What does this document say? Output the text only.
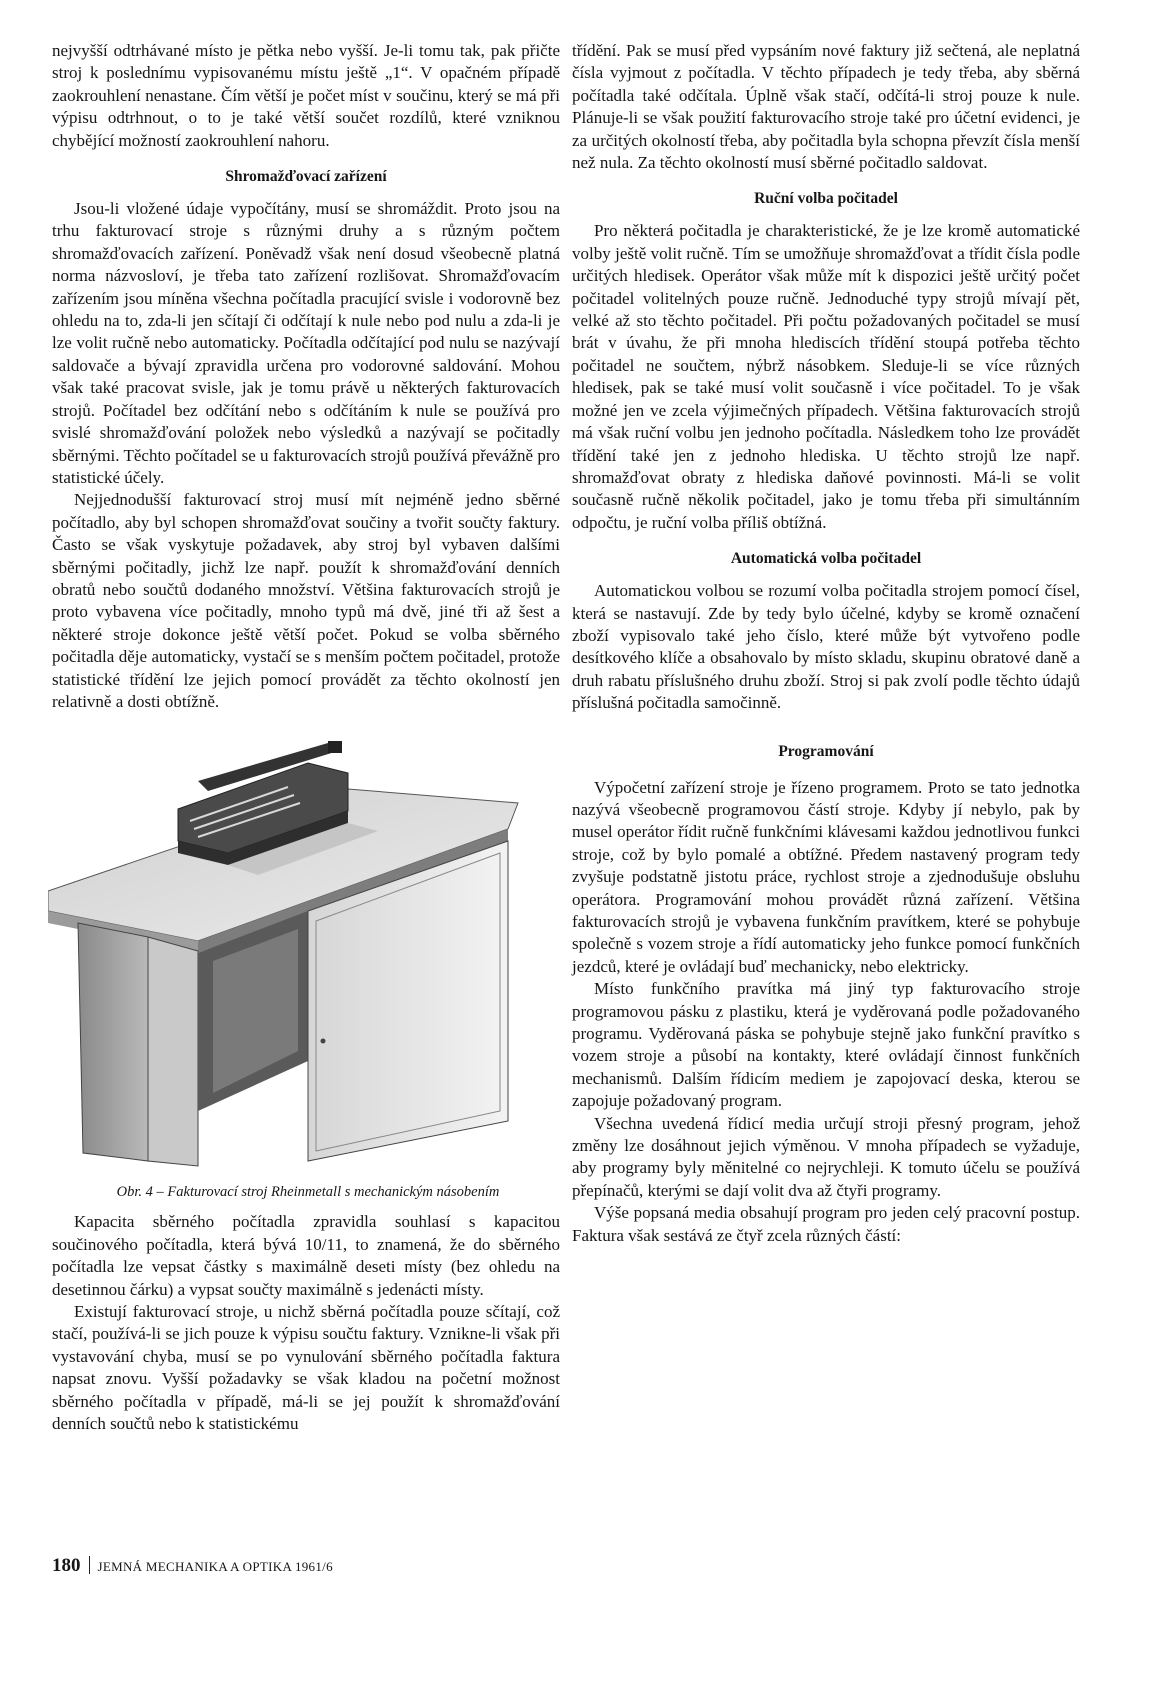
nejvyšší odtrhávané místo je pětka nebo vyšší. Je-li tomu tak, pak přičte stroj k poslednímu vypisovanému místu ještě „1“. V opačném případě zaokrouhlení nenastane. Čím větší je počet míst v součinu, který se má při výpisu odtrhnout, o to je také větší součet rozdílů, které vzniknou chybějící možností zaokrouhlení nahoru.

Shromažďovací zařízení

Jsou-li vložené údaje vypočítány, musí se shromáždit. Proto jsou na trhu fakturovací stroje s různými druhy a s různým počtem shromažďovacích zařízení. Poněvadž však není dosud všeobecně platná norma názvosloví, je třeba tato zařízení rozlišovat. Shromažďovacím zařízením jsou míněna všechna počítadla pracující svisle i vodorovně bez ohledu na to, zda-li jen sčítají či odčítají k nule nebo pod nulu a zda-li je lze volit ručně nebo automaticky. Počítadla odčítající pod nulu se nazývají saldovače a bývají zpravidla určena pro vodorovné saldování. Mohou však také pracovat svisle, jak je tomu právě u některých fakturovacích strojů. Počítadel bez odčítání nebo s odčítáním k nule se používá pro svislé shromažďování položek nebo výsledků a nazývají se počitadly sběrnými. Těchto počítadel se u fakturovacích strojů používá převážně pro statistické účely.

Nejjednodušší fakturovací stroj musí mít nejméně jedno sběrné počítadlo, aby byl schopen shromažďovat součiny a tvořit součty faktury. Často se však vyskytuje požadavek, aby stroj byl vybaven dalšími sběrnými počitadly, jichž lze např. použít k shromažďování denních obratů nebo součtů dodaného množství. Většina fakturovacích strojů je proto vybavena více počitadly, mnoho typů má dvě, jiné tři až šest a některé stroje dokonce ještě větší počet. Pokud se volba sběrného počitadla děje automaticky, vystačí se s menším počtem počitadel, protože statistické třídění lze jejich pomocí provádět za těchto okolností jen relativně a dosti obtížně.

Obr. 4 – Fakturovací stroj Rheinmetall s mechanickým násobením

Kapacita sběrného počítadla zpravidla souhlasí s kapacitou součinového počítadla, která bývá 10/11, to znamená, že do sběrného počítadla lze vepsat částky s maximálně deseti místy (bez ohledu na desetinnou čárku) a vypsat součty maximálně s jedenácti místy.

Existují fakturovací stroje, u nichž sběrná počítadla pouze sčítají, což stačí, používá-li se jich pouze k výpisu součtu faktury. Vznikne-li však při vystavování chyba, musí se po vynulování sběrného počítadla faktura napsat znovu. Vyšší požadavky se však kladou na početní možnost sběrného počítadla v případě, má-li se jej použít k shromažďování denních součtů nebo k statistickému

třídění. Pak se musí před vypsáním nové faktury již sečtená, ale neplatná čísla vyjmout z počítadla. V těchto případech je tedy třeba, aby sběrná počítadla také odčítala. Úplně však stačí, odčítá-li stroj pouze k nule. Plánuje-li se však použití fakturovacího stroje také pro účetní evidenci, je za určitých okolností třeba, aby počitadla byla schopna převzít čísla menší než nula. Za těchto okolností musí sběrné počitadlo saldovat.

Ruční volba počitadel

Pro některá počitadla je charakteristické, že je lze kromě automatické volby ještě volit ručně. Tím se umožňuje shromažďovat a třídit čísla podle určitých hledisek. Operátor však může mít k dispozici ještě určitý počet počitadel volitelných pouze ručně. Jednoduché typy strojů mívají pět, velké až sto těchto počitadel. Při počtu požadovaných počitadel se musí brát v úvahu, že při mnoha hlediscích třídění stoupá potřeba těchto počitadel ne součtem, nýbrž násobkem. Sleduje-li se více různých hledisek, pak se také musí volit současně i více počitadel. To je však možné jen ve zcela výjimečných případech. Většina fakturovacích strojů má však ruční volbu jen jednoho počítadla. Následkem toho lze provádět třídění také jen z jednoho hlediska. U těchto strojů lze např. shromažďovat obraty z hlediska daňové povinnosti. Má-li se volit současně ručně několik počitadel, jako je tomu třeba při simultánním odpočtu, je ruční volba příliš obtížná.

Automatická volba počitadel

Automatickou volbou se rozumí volba počitadla strojem pomocí čísel, která se nastavují. Zde by tedy bylo účelné, kdyby se kromě označení zboží vypisovalo také jeho číslo, které může být vytvořeno podle desítkového klíče a obsahovalo by místo skladu, skupinu obratové daně a druh rabatu příslušného druhu zboží. Stroj si pak zvolí podle těchto údajů příslušná počitadla samočinně.

Programování

Výpočetní zařízení stroje je řízeno programem. Proto se tato jednotka nazývá všeobecně programovou částí stroje. Kdyby jí nebylo, pak by musel operátor řídit ručně funkčními klávesami každou jednotlivou funkci stroje, což by bylo pomalé a obtížné. Předem nastavený program tedy zvyšuje podstatně jistotu práce, rychlost stroje a zjednodušuje obsluhu operátora. Programování mohou provádět různá zařízení. Většina fakturovacích strojů je vybavena funkčním pravítkem, které se pohybuje společně s vozem stroje a řídí automaticky jeho funkce pomocí funkčních jezdců, které je ovládají buď mechanicky, nebo elektricky.

Místo funkčního pravítka má jiný typ fakturovacího stroje programovou pásku z plastiku, která je vyděrovaná podle požadovaného programu. Vyděrovaná páska se pohybuje stejně jako funkční pravítko s vozem stroje a působí na kontakty, které ovládají činnost funkčních mechanismů. Dalším řídicím mediem je zapojovací deska, kterou se zapojuje požadovaný program.

Všechna uvedená řídicí media určují stroji přesný program, jehož změny lze dosáhnout jejich výměnou. V mnoha případech se vyžaduje, aby programy byly měnitelné co nejrychleji. K tomuto účelu se používá přepínačů, kterými se dají volit dva až čtyři programy.

Výše popsaná media obsahují program pro jeden celý pracovní postup. Faktura však sestává ze čtyř zcela různých částí:

180 JEMNÁ MECHANIKA A OPTIKA 1961/6
